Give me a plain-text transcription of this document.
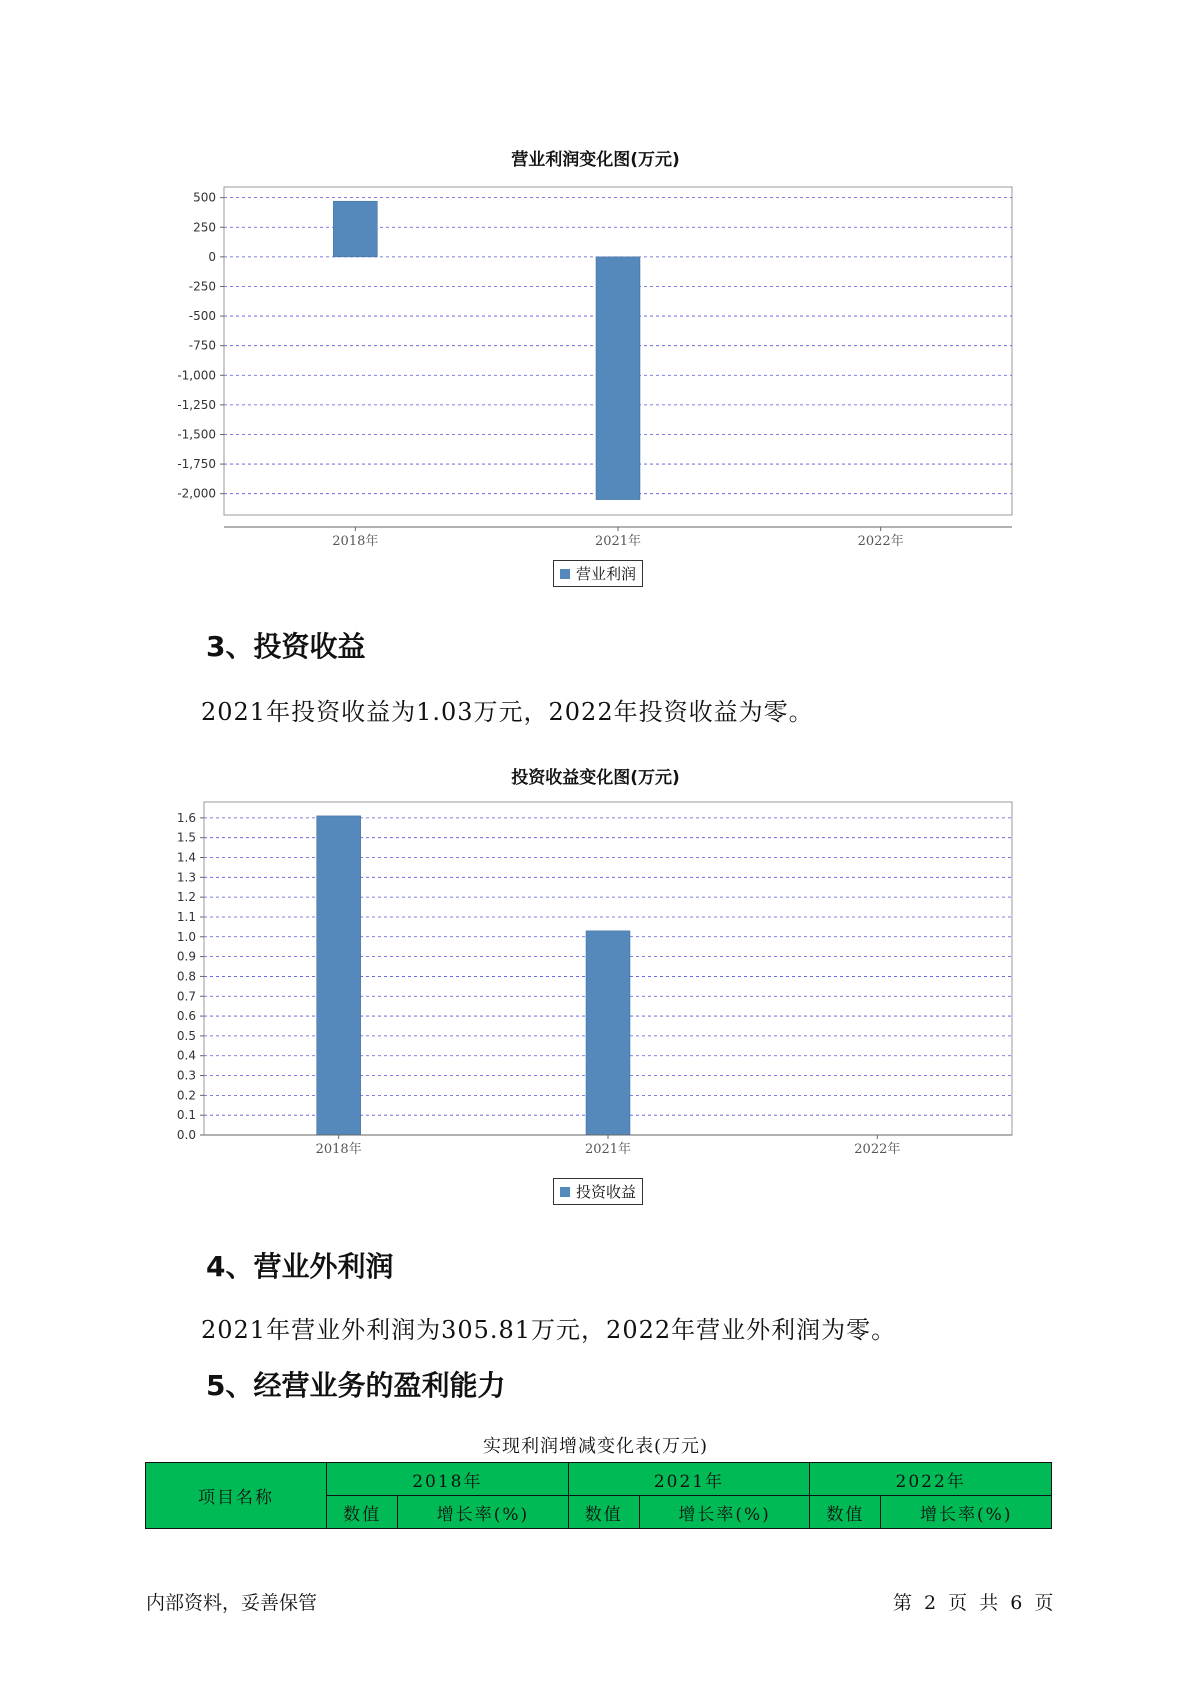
营业利润变化图(万元)
500
250
0
-250
-500
-750
-1,000
-1,250
-1,500
-1,750
-2,000
2018年	2021年	2022年
营业利润
3、投资收益
2021年投资收益为1.03万元，2022年投资收益为零。
投资收益变化图(万元)
0.0
0.1
0.2
0.3
0.4
0.5
0.6
0.7
0.8
0.9
1.0
1.1
1.2
1.3
1.4
1.5
1.6
2018年	2021年	2022年
投资收益
4、营业外利润
2021年营业外利润为305.81万元，2022年营业外利润为零。
5、经营业务的盈利能力
实现利润增减变化表(万元)
项目名称	2018年		2021年		2022年	
	数值	增长率(%)	数值	增长率(%)	数值	增长率(%)
内部资料，妥善保管	第 2 页 共 6 页
